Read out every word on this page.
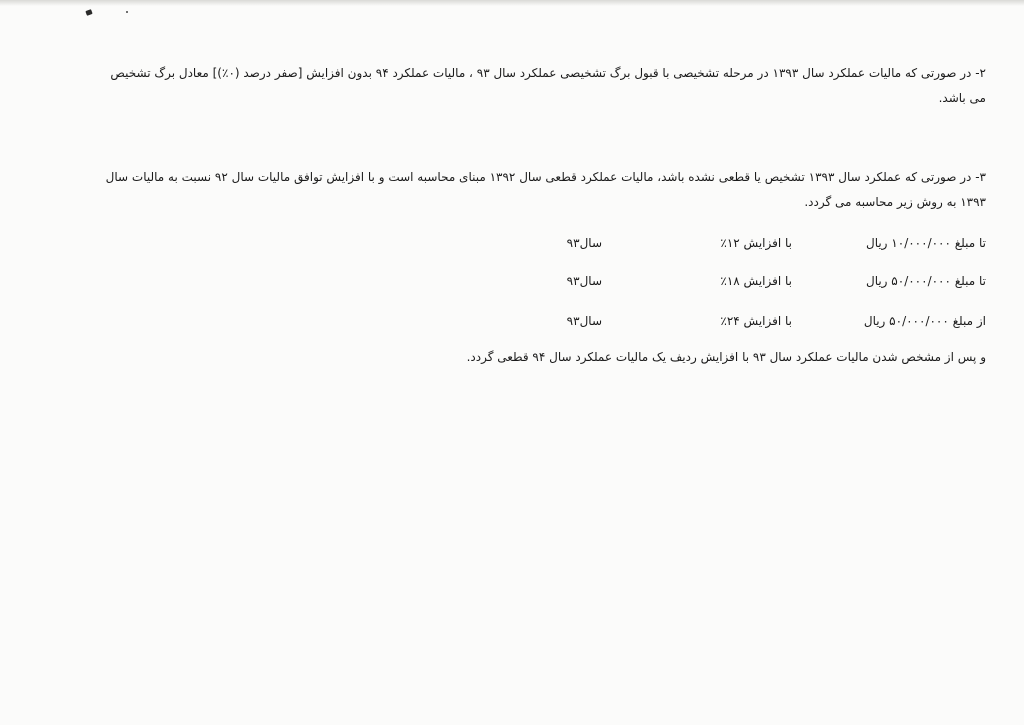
۲- در صورتی که مالیات عملکرد سال ۱۳۹۳ در مرحله تشخیصی با قبول برگ تشخیصی عملکرد سال ۹۳ ، مالیات عملکرد ۹۴ بدون افزایش [صفر درصد (۰٪)] معادل برگ تشخیص
می باشد.
۳- در صورتی که عملکرد سال ۱۳۹۳ تشخیص یا قطعی نشده باشد، مالیات عملکرد قطعی سال ۱۳۹۲ مبنای محاسبه است و با افزایش توافق مالیات سال ۹۲ نسبت به مالیات سال
۱۳۹۳ به روش زیر محاسبه می گردد.
تا مبلغ ۱۰/۰۰۰/۰۰۰ ریال
با افزایش ۱۲٪
سال۹۳
تا مبلغ ۵۰/۰۰۰/۰۰۰ ریال
با افزایش ۱۸٪
سال۹۳
از مبلغ ۵۰/۰۰۰/۰۰۰ ریال
با افزایش ۲۴٪
سال۹۳
و پس از مشخص شدن مالیات عملکرد سال ۹۳ با افزایش ردیف یک مالیات عملکرد سال ۹۴ قطعی گردد.
